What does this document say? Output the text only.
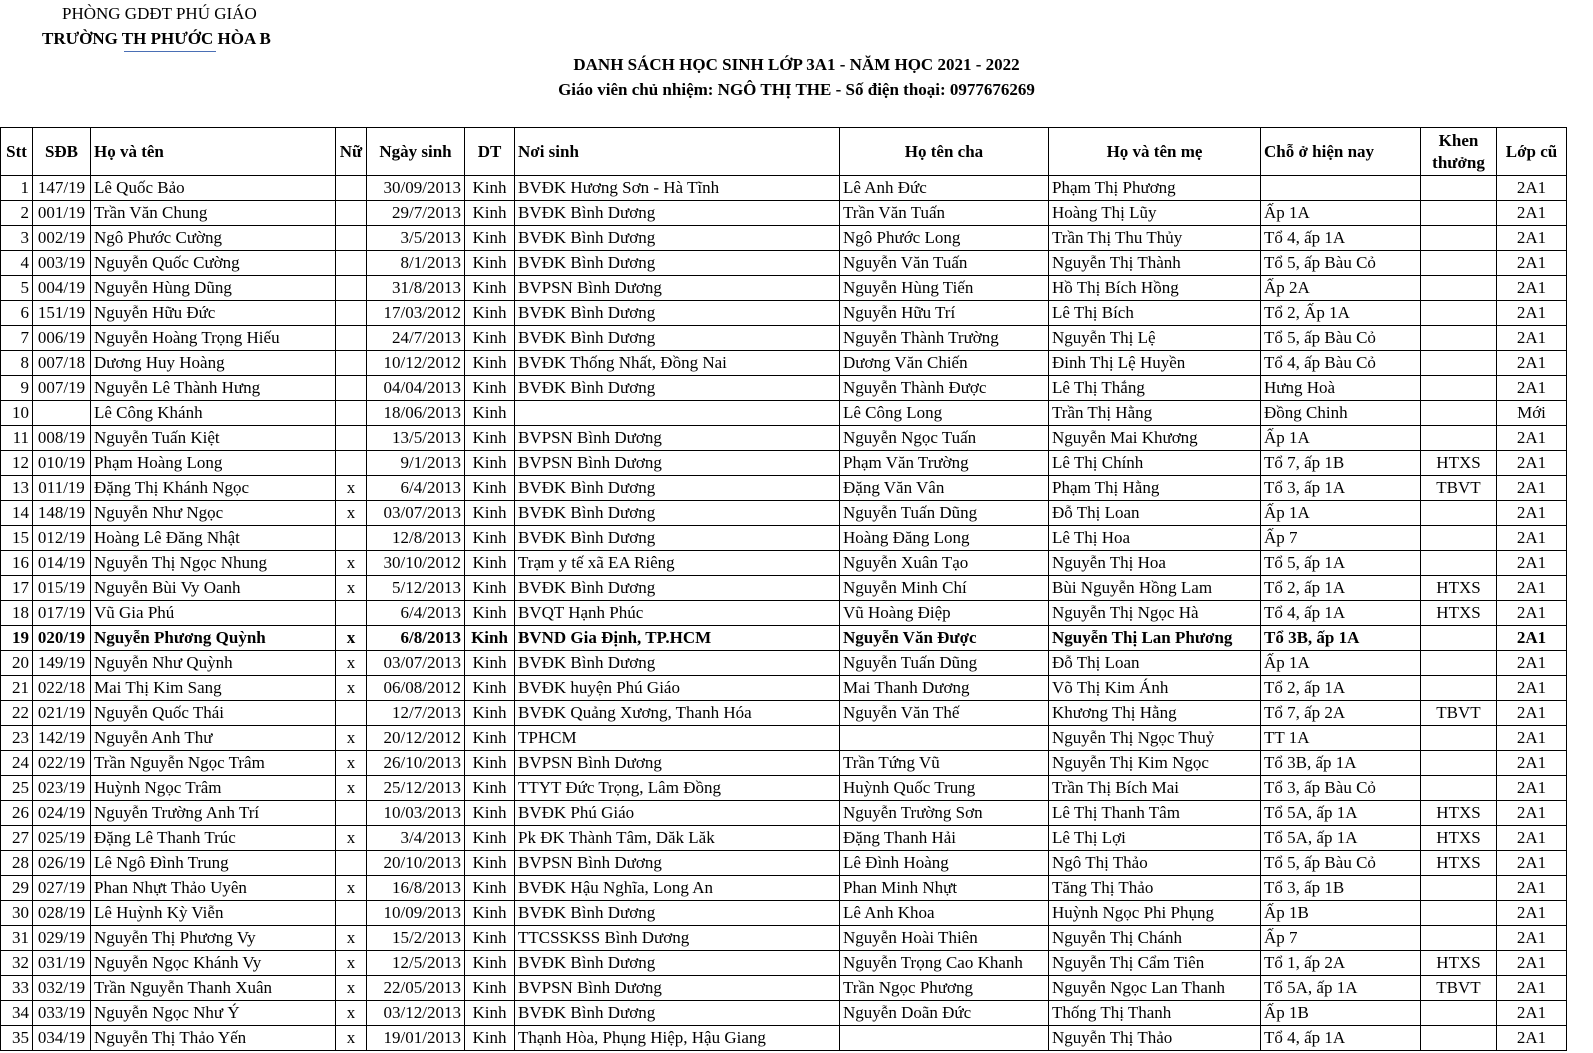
PHÒNG GDĐT PHÚ GIÁO
TRƯỜNG TH PHƯỚC HÒA B
DANH SÁCH HỌC SINH LỚP 3A1 - NĂM HỌC 2021 - 2022
Giáo viên chủ nhiệm: NGÔ THỊ THE - Số điện thoại: 0977676269
Stt	SĐB	Họ và tên	Nữ	Ngày sinh	DT	Nơi sinh	Họ tên cha	Họ và tên mẹ	Chỗ ở hiện nay	Khen thưởng	Lớp cũ
1	147/19	Lê Quốc Bảo		30/09/2013	Kinh	BVĐK Hương Sơn - Hà Tĩnh	Lê Anh Đức	Phạm Thị Phương			2A1
2	001/19	Trần Văn Chung		29/7/2013	Kinh	BVĐK Bình Dương	Trần Văn Tuấn	Hoàng Thị Lũy	Ấp 1A		2A1
3	002/19	Ngô Phước Cường		3/5/2013	Kinh	BVĐK Bình Dương	Ngô Phước Long	Trần Thị Thu Thủy	Tổ 4, ấp 1A		2A1
4	003/19	Nguyễn Quốc Cường		8/1/2013	Kinh	BVĐK Bình Dương	Nguyễn Văn Tuấn	Nguyễn Thị Thành	Tổ 5, ấp Bàu Cỏ		2A1
5	004/19	Nguyễn Hùng Dũng		31/8/2013	Kinh	BVPSN Bình Dương	Nguyễn Hùng Tiến	Hồ Thị Bích Hồng	Ấp 2A		2A1
6	151/19	Nguyễn Hữu Đức		17/03/2012	Kinh	BVĐK Bình Dương	Nguyễn Hữu Trí	Lê Thị Bích	Tổ 2, Ấp 1A		2A1
7	006/19	Nguyễn Hoàng Trọng Hiếu		24/7/2013	Kinh	BVĐK Bình Dương	Nguyễn Thành Trường	Nguyễn Thị Lệ	Tổ 5, ấp Bàu Cỏ		2A1
8	007/18	Dương Huy Hoàng		10/12/2012	Kinh	BVĐK Thống Nhất, Đồng Nai	Dương Văn Chiến	Đinh Thị Lệ Huyền	Tổ 4, ấp Bàu Cỏ		2A1
9	007/19	Nguyễn Lê Thành Hưng		04/04/2013	Kinh	BVĐK Bình Dương	Nguyễn Thành Được	Lê Thị Thắng	Hưng Hoà		2A1
10		Lê Công Khánh		18/06/2013	Kinh		Lê Công Long	Trần Thị Hằng	Đồng Chinh		Mới
11	008/19	Nguyễn Tuấn Kiệt		13/5/2013	Kinh	BVPSN Bình Dương	Nguyễn Ngọc Tuấn	Nguyễn Mai Khương	Ấp 1A		2A1
12	010/19	Phạm Hoàng Long		9/1/2013	Kinh	BVPSN Bình Dương	Phạm Văn Trường	Lê Thị Chính	Tổ 7, ấp 1B	HTXS	2A1
13	011/19	Đặng Thị Khánh Ngọc	x	6/4/2013	Kinh	BVĐK Bình Dương	Đặng Văn Vân	Phạm Thị Hằng	Tổ 3, ấp 1A	TBVT	2A1
14	148/19	Nguyễn Như Ngọc	x	03/07/2013	Kinh	BVĐK Bình Dương	Nguyễn Tuấn Dũng	Đỗ Thị Loan	Ấp 1A		2A1
15	012/19	Hoàng Lê Đăng Nhật		12/8/2013	Kinh	BVĐK Bình Dương	Hoàng Đăng Long	Lê Thị Hoa	Ấp 7		2A1
16	014/19	Nguyễn Thị Ngọc Nhung	x	30/10/2012	Kinh	Trạm y tế xã EA Riêng	Nguyễn Xuân Tạo	Nguyễn Thị Hoa	Tổ 5, ấp 1A		2A1
17	015/19	Nguyễn Bùi Vy Oanh	x	5/12/2013	Kinh	BVĐK Bình Dương	Nguyễn Minh Chí	Bùi Nguyễn Hồng Lam	Tổ 2, ấp 1A	HTXS	2A1
18	017/19	Vũ Gia Phú		6/4/2013	Kinh	BVQT Hạnh Phúc	Vũ Hoàng Điệp	Nguyễn Thị Ngọc Hà	Tổ 4, ấp 1A	HTXS	2A1
19	020/19	Nguyễn Phương Quỳnh	x	6/8/2013	Kinh	BVND Gia Định, TP.HCM	Nguyễn Văn Được	Nguyễn Thị Lan Phương	Tổ 3B, ấp 1A		2A1
20	149/19	Nguyễn Như Quỳnh	x	03/07/2013	Kinh	BVĐK Bình Dương	Nguyễn Tuấn Dũng	Đỗ Thị Loan	Ấp 1A		2A1
21	022/18	Mai Thị Kim Sang	x	06/08/2012	Kinh	BVĐK huyện Phú Giáo	Mai Thanh Dương	Võ Thị Kim Ánh	Tổ 2, ấp 1A		2A1
22	021/19	Nguyễn Quốc Thái		12/7/2013	Kinh	BVĐK Quảng Xương, Thanh Hóa	Nguyễn Văn Thế	Khương Thị Hằng	Tổ 7, ấp 2A	TBVT	2A1
23	142/19	Nguyễn Anh Thư	x	20/12/2012	Kinh	TPHCM		Nguyễn Thị Ngọc Thuỷ	TT 1A		2A1
24	022/19	Trần Nguyễn Ngọc Trâm	x	26/10/2013	Kinh	BVPSN Bình Dương	Trần Tứng Vũ	Nguyễn Thị Kim Ngọc	Tổ 3B, ấp 1A		2A1
25	023/19	Huỳnh Ngọc Trâm	x	25/12/2013	Kinh	TTYT Đức Trọng, Lâm Đồng	Huỳnh Quốc Trung	Trần Thị Bích Mai	Tổ 3, ấp Bàu Cỏ		2A1
26	024/19	Nguyễn Trường Anh Trí		10/03/2013	Kinh	BVĐK Phú Giáo	Nguyễn Trường Sơn	Lê Thị Thanh Tâm	Tổ 5A, ấp 1A	HTXS	2A1
27	025/19	Đặng Lê Thanh Trúc	x	3/4/2013	Kinh	Pk ĐK Thành Tâm, Dăk Lăk	Đặng Thanh Hải	Lê Thị Lợi	Tổ 5A, ấp 1A	HTXS	2A1
28	026/19	Lê Ngô Đình Trung		20/10/2013	Kinh	BVPSN Bình Dương	Lê Đình Hoàng	Ngô Thị Thảo	Tổ 5, ấp Bàu Cỏ	HTXS	2A1
29	027/19	Phan Nhựt Thảo Uyên	x	16/8/2013	Kinh	BVĐK Hậu Nghĩa, Long An	Phan Minh Nhựt	Tăng Thị Thảo	Tổ 3, ấp 1B		2A1
30	028/19	Lê Huỳnh Kỳ Viễn		10/09/2013	Kinh	BVĐK Bình Dương	Lê Anh Khoa	Huỳnh Ngọc Phi Phụng	Ấp 1B		2A1
31	029/19	Nguyễn Thị Phương Vy	x	15/2/2013	Kinh	TTCSSKSS Bình Dương	Nguyễn Hoài Thiên	Nguyễn Thị Chánh	Ấp 7		2A1
32	031/19	Nguyễn Ngọc Khánh Vy	x	12/5/2013	Kinh	BVĐK Bình Dương	Nguyễn Trọng Cao Khanh	Nguyễn Thị Cẩm Tiên	Tổ 1, ấp 2A	HTXS	2A1
33	032/19	Trần Nguyễn Thanh Xuân	x	22/05/2013	Kinh	BVPSN Bình Dương	Trần Ngọc Phương	Nguyễn Ngọc Lan Thanh	Tổ 5A, ấp 1A	TBVT	2A1
34	033/19	Nguyễn Ngọc Như Ý	x	03/12/2013	Kinh	BVĐK Bình Dương	Nguyễn Doãn Đức	Thống Thị Thanh	Ấp 1B		2A1
35	034/19	Nguyễn Thị Thảo Yến	x	19/01/2013	Kinh	Thạnh Hòa, Phụng Hiệp, Hậu Giang		Nguyễn Thị Thảo	Tổ 4, ấp 1A		2A1
